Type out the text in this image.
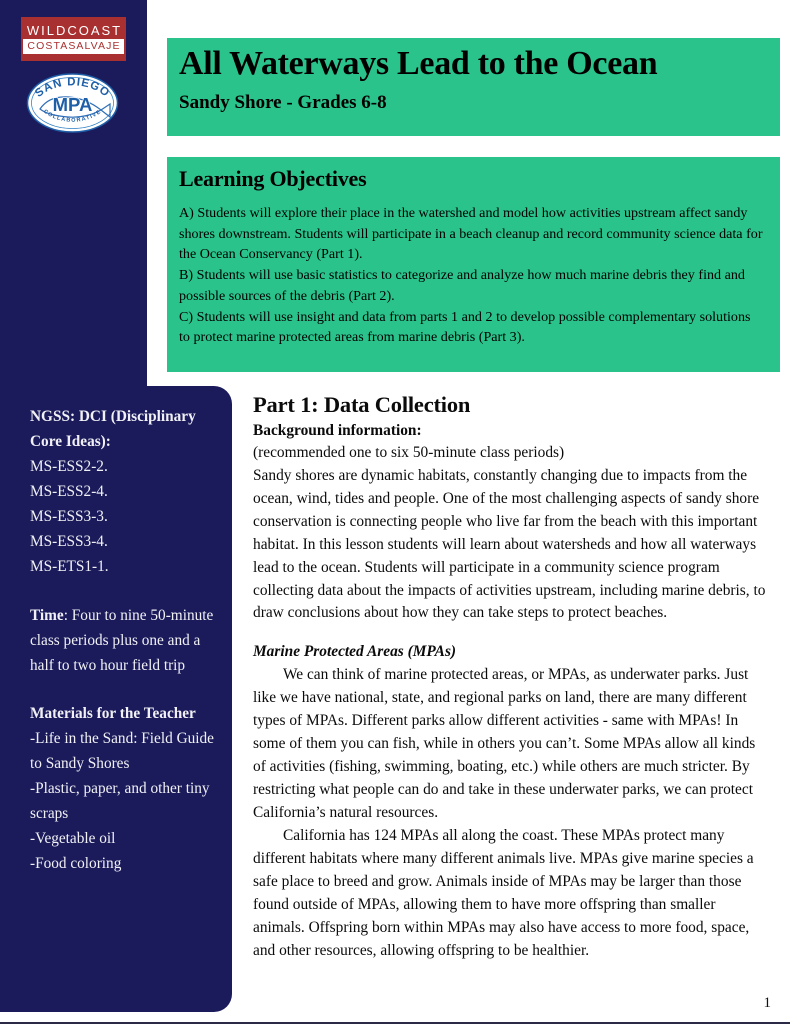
WILDCOAST
COSTASALVAJE
SAN DIEGO
COLLABORATIVE
MPA
All Waterways Lead to the Ocean
Sandy Shore - Grades 6-8
Learning Objectives

A) Students will explore their place in the watershed and model how activities upstream affect sandy shores downstream. Students will participate in a beach cleanup and record community science data for the Ocean Conservancy (Part 1).

B) Students will use basic statistics to categorize and analyze how much marine debris they find and possible sources of the debris (Part 2).

C) Students will use insight and data from parts 1 and 2 to develop possible complementary solutions to protect marine protected areas from marine debris (Part 3).

NGSS: DCI (Disciplinary
Core Ideas):
MS-ESS2-2.
MS-ESS2-4.
MS-ESS3-3.
MS-ESS3-4.
MS-ETS1-1.
Time: Four to nine 50-minute class periods plus one and a half to two hour field trip
Materials for the Teacher
-Life in the Sand: Field Guide to Sandy Shores
-Plastic, paper, and other tiny scraps
-Vegetable oil
-Food coloring
Part 1: Data Collection
Background information:
(recommended one to six 50-minute class periods)
Sandy shores are dynamic habitats, constantly changing due to impacts from the ocean, wind, tides and people. One of the most challenging aspects of sandy shore conservation is connecting people who live far from the beach with this important habitat. In this lesson students will learn about watersheds and how all waterways lead to the ocean. Students will participate in a community science program collecting data about the impacts of activities upstream, including marine debris, to draw conclusions about how they can take steps to protect beaches.
Marine Protected Areas (MPAs)
We can think of marine protected areas, or MPAs, as underwater parks. Just like we have national, state, and regional parks on land, there are many different types of MPAs. Different parks allow different activities - same with MPAs! In some of them you can fish, while in others you can’t. Some MPAs allow all kinds of activities (fishing, swimming, boating, etc.) while others are much stricter. By restricting what people can do and take in these underwater parks, we can protect California’s natural resources.
California has 124 MPAs all along the coast. These MPAs protect many different habitats where many different animals live. MPAs give marine species a safe place to breed and grow. Animals inside of MPAs may be larger than those found outside of MPAs, allowing them to have more offspring than smaller animals. Offspring born within MPAs may also have access to more food, space, and other resources, allowing offspring to be healthier.
1
